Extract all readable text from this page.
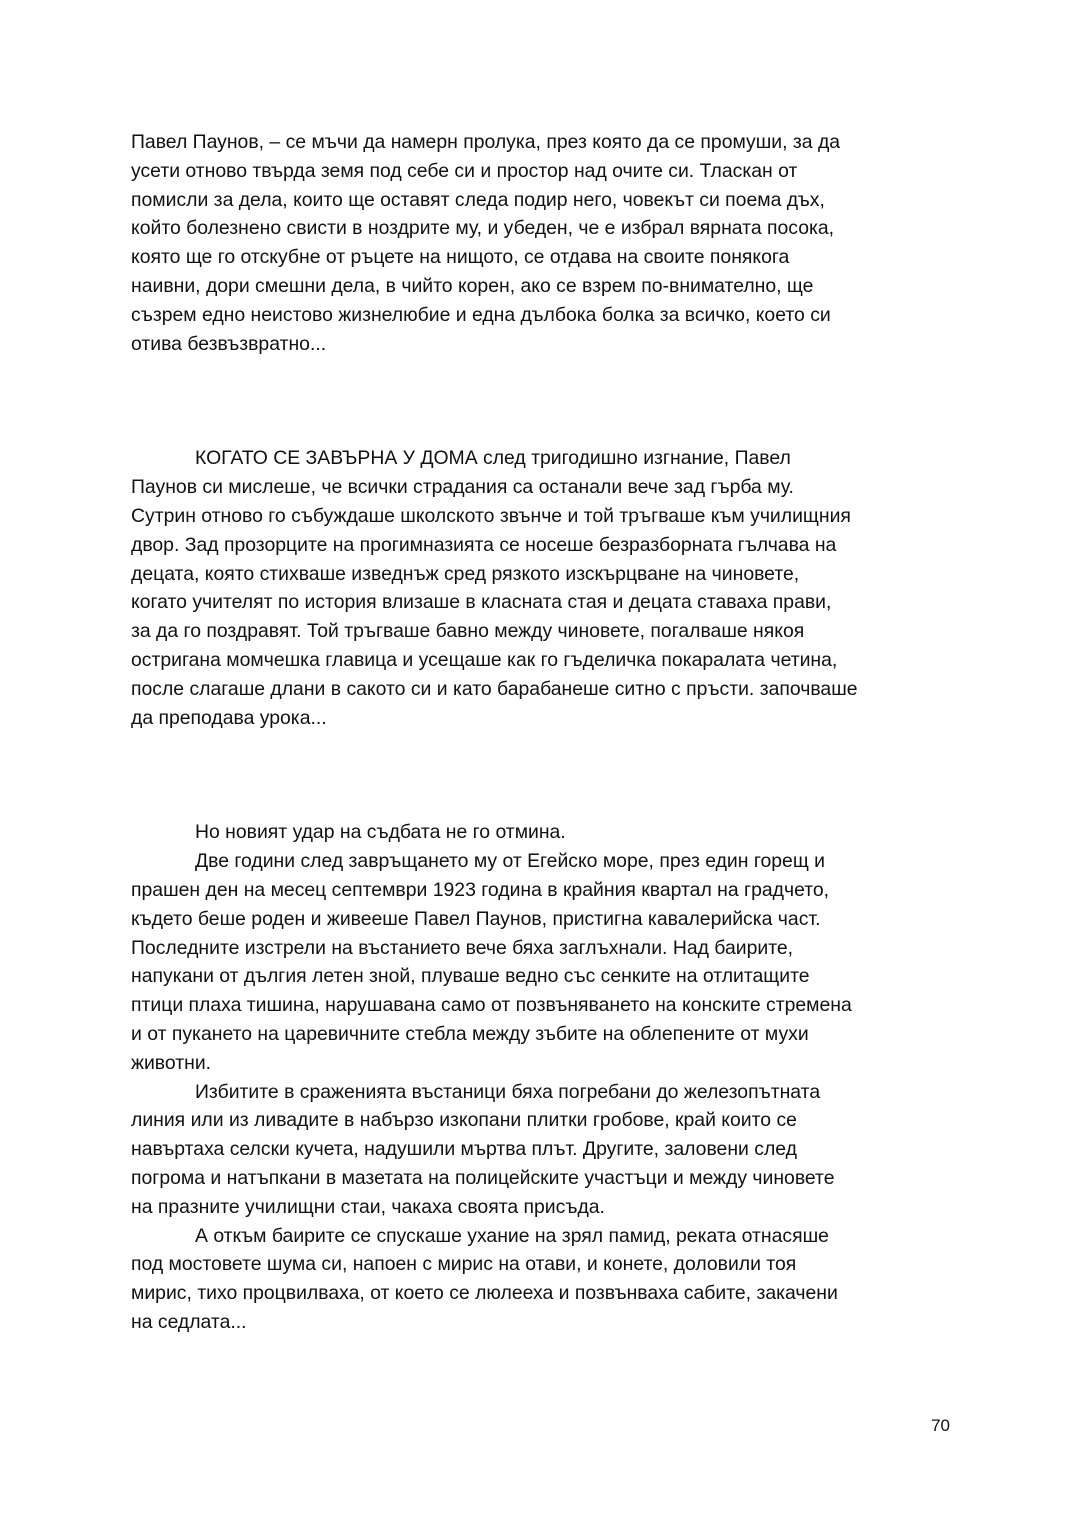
Павел Паунов, – се мъчи да намерн пролука, през която да се промуши, за да
усети отново твърда земя под себе си и простор над очите си. Тласкан от
помисли за дела, които ще оставят следа подир него, човекът си поема дъх,
който болезнено свисти в ноздрите му, и убеден, че е избрал вярната посока,
която ще го отскубне от ръцете на нищото, се отдава на своите понякога
наивни, дори смешни дела, в чийто корен, ако се взрем по-внимателно, ще
съзрем едно неистово жизнелюбие и една дълбока болка за всичко, което си
отива безвъзвратно...

КОГАТО СЕ ЗАВЪРНА У ДОМА след тригодишно изгнание, Павел
Паунов си мислеше, че всички страдания са останали вече зад гърба му.
Сутрин отново го събуждаше школското звънче и той тръгваше към училищния
двор. Зад прозорците на прогимназията се носеше безразборната гълчава на
децата, която стихваше изведнъж сред рязкото изскърцване на чиновете,
когато учителят по история влизаше в класната стая и децата ставаха прави,
за да го поздравят. Той тръгваше бавно между чиновете, погалваше някоя
остригана момчешка главица и усещаше как го гъделичка покаралата четина,
после слагаше длани в сакото си и като барабанеше ситно с пръсти. започваше
да преподава урока...

Но новият удар на съдбата не го отмина.

Две години след завръщането му от Егейско море, през един горещ и
прашен ден на месец септември 1923 година в крайния квартал на градчето,
където беше роден и живееше Павел Паунов, пристигна кавалерийска част.
Последните изстрели на въстанието вече бяха заглъхнали. Над баирите,
напукани от дългия летен зной, плуваше ведно със сенките на отлитащите
птици плаха тишина, нарушавана само от позвъняването на конските стремена
и от пукането на царевичните стебла между зъбите на облепените от мухи
животни.

Избитите в сраженията въстаници бяха погребани до железопътната
линия или из ливадите в набързо изкопани плитки гробове, край които се
навъртаха селски кучета, надушили мъртва плът. Другите, заловени след
погрома и натъпкани в мазетата на полицейските участъци и между чиновете
на празните училищни стаи, чакаха своята присъда.

А откъм баирите се спускаше ухание на зрял памид, реката отнасяше
под мостовете шума си, напоен с мирис на отави, и конете, доловили тоя
мирис, тихо процвилваха, от което се люлееха и позвънваха сабите, закачени
на седлата...

70
